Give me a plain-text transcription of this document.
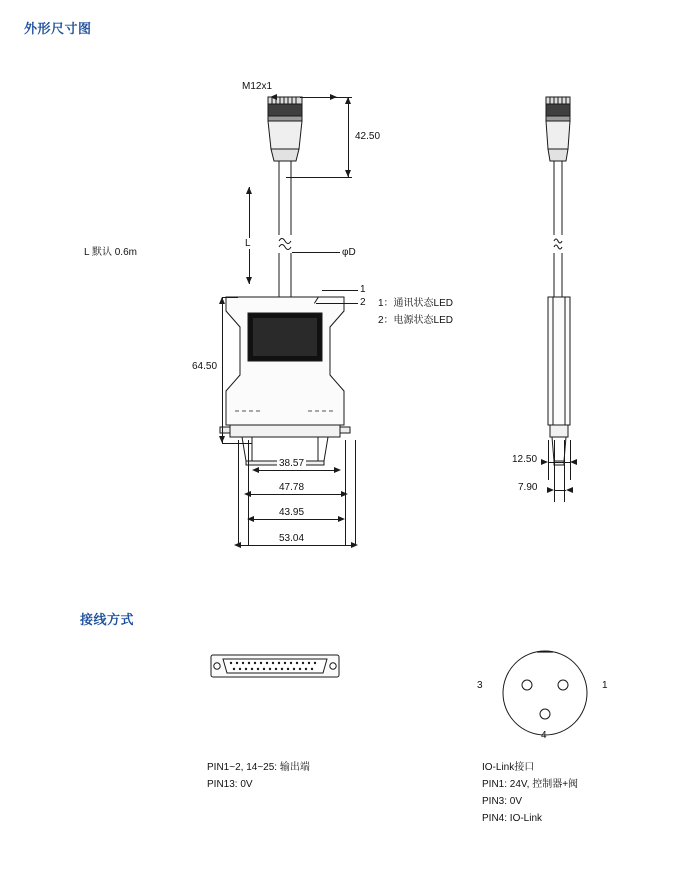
外形尺寸图
接线方式
M12x1
42.50
L 默认 0.6m
L
φD
1
2 1：通讯状态LED
2：电源状态LED
64.50
38.57
47.78
43.95
53.04
12.50
7.90
PIN1~2, 14~25: 输出端
PIN13: 0V
3	1
4
IO-Link接口
PIN1: 24V, 控制器+阀
PIN3: 0V
PIN4: IO-Link
